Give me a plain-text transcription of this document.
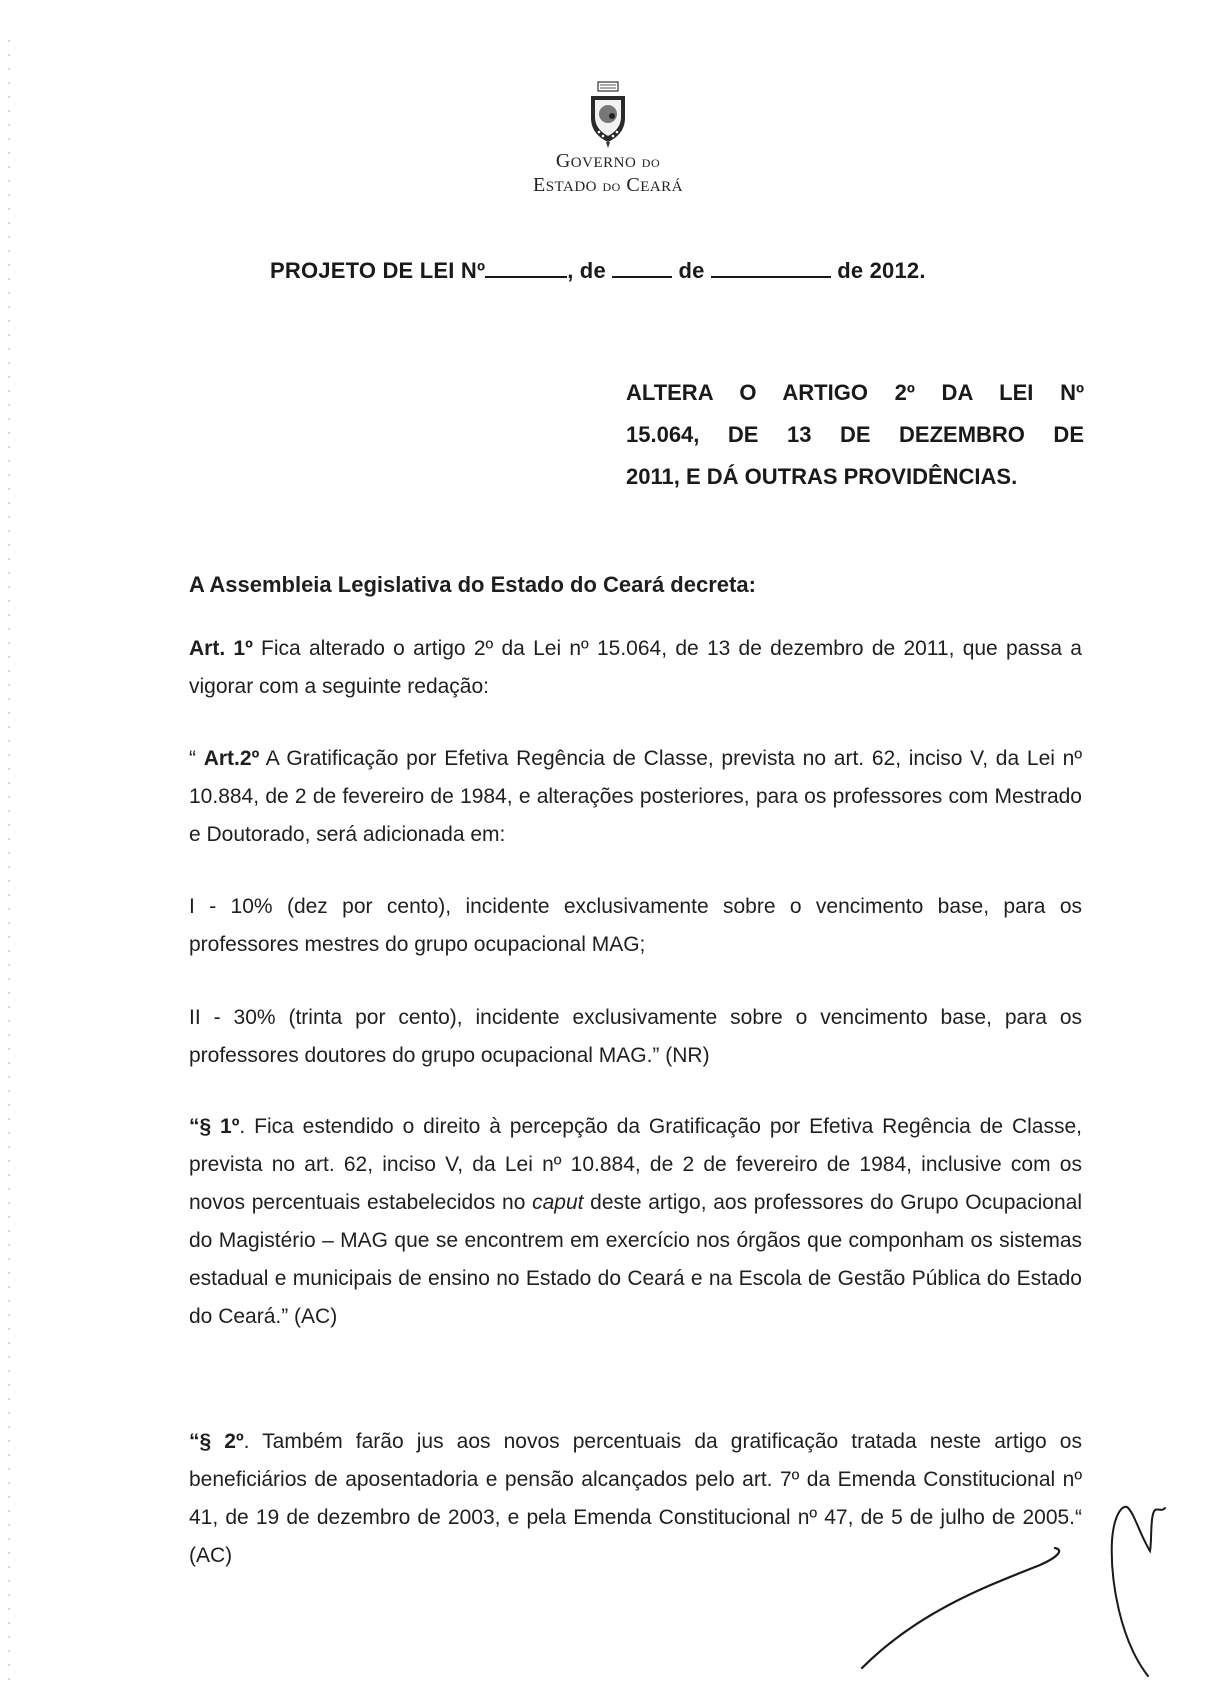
GOVERNO DO
ESTADO DO CEARÁ
PROJETO DE LEI Nº	, de	de	de 2012.
ALTERA O ARTIGO 2º DA LEI Nº
15.064, DE 13 DE DEZEMBRO DE
2011, E DÁ OUTRAS PROVIDÊNCIAS.
A Assembleia Legislativa do Estado do Ceará decreta:
Art. 1º Fica alterado o artigo 2º da Lei nº 15.064, de 13 de dezembro de 2011, que passa a vigorar com a seguinte redação:
“ Art.2º A Gratificação por Efetiva Regência de Classe, prevista no art. 62, inciso V, da Lei nº 10.884, de 2 de fevereiro de 1984, e alterações posteriores, para os professores com Mestrado e Doutorado, será adicionada em:
I - 10% (dez por cento), incidente exclusivamente sobre o vencimento base, para os professores mestres do grupo ocupacional MAG;
II - 30% (trinta por cento), incidente exclusivamente sobre o vencimento base, para os professores doutores do grupo ocupacional MAG.” (NR)
“§ 1º. Fica estendido o direito à percepção da Gratificação por Efetiva Regência de Classe, prevista no art. 62, inciso V, da Lei nº 10.884, de 2 de fevereiro de 1984, inclusive com os novos percentuais estabelecidos no caput deste artigo, aos professores do Grupo Ocupacional do Magistério – MAG que se encontrem em exercício nos órgãos que componham os sistemas estadual e municipais de ensino no Estado do Ceará e na Escola de Gestão Pública do Estado do Ceará.” (AC)
“§ 2º. Também farão jus aos novos percentuais da gratificação tratada neste artigo os beneficiários de aposentadoria e pensão alcançados pelo art. 7º da Emenda Constitucional nº 41, de 19 de dezembro de 2003, e pela Emenda Constitucional nº 47, de 5 de julho de 2005.“ (AC)
